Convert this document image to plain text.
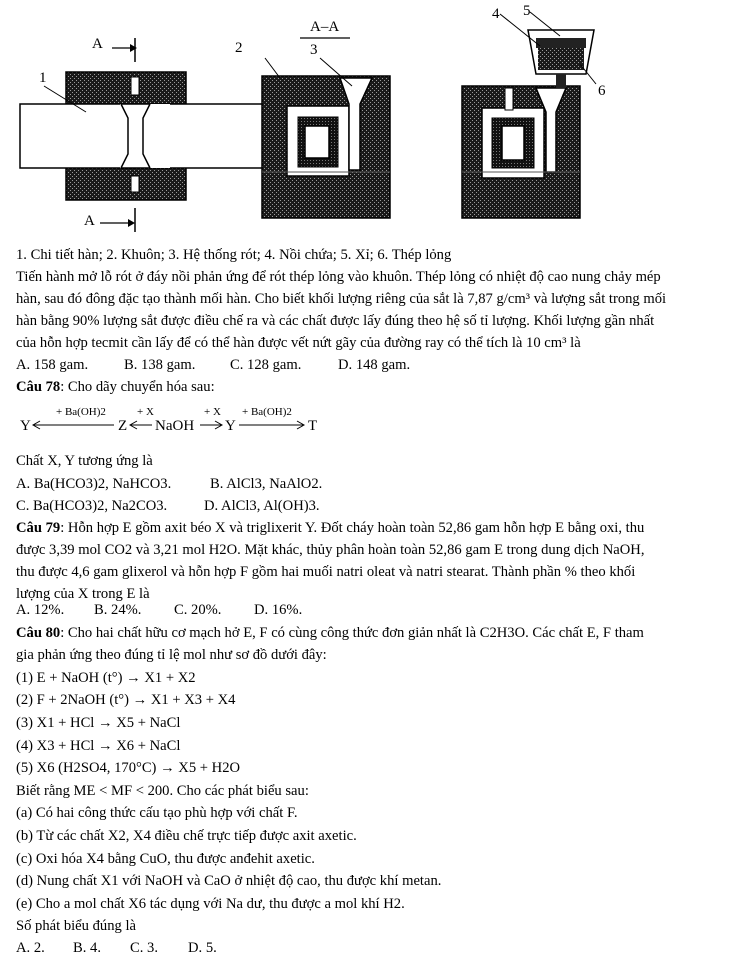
A
A
1
2	3
A–A
4 5
6
1. Chi tiết hàn; 2. Khuôn; 3. Hệ thống rót; 4. Nồi chứa; 5. Xỉ; 6. Thép lỏng
Tiến hành mở lỗ rót ở đáy nồi phản ứng để rót thép lỏng vào khuôn. Thép lỏng có nhiệt độ cao nung chảy mép
hàn, sau đó đông đặc tạo thành mối hàn. Cho biết khối lượng riêng của sắt là 7,87 g/cm³ và lượng sắt trong mối
hàn bằng 90% lượng sắt được điều chế ra và các chất được lấy đúng theo hệ số tỉ lượng. Khối lượng gần nhất
của hỗn hợp tecmit cần lấy để có thể hàn được vết nứt gãy của đường ray có thể tích là 10 cm³ là
A. 158 gam. B. 138 gam. C. 128 gam.	D. 148 gam.
Câu 78: Cho dãy chuyển hóa sau:
Y
+ Ba(OH)2
Z
+ X
NaOH
+ X
Y
+ Ba(OH)2
T
Chất X, Y tương ứng là
A. Ba(HCO3)2, NaHCO3.	B. AlCl3, NaAlO2.
C. Ba(HCO3)2, Na2CO3.	D. AlCl3, Al(OH)3.
Câu 79: Hỗn hợp E gồm axit béo X và triglixerit Y. Đốt cháy hoàn toàn 52,86 gam hỗn hợp E bằng oxi, thu
được 3,39 mol CO2 và 3,21 mol H2O. Mặt khác, thủy phân hoàn toàn 52,86 gam E trong dung dịch NaOH,
thu được 4,6 gam glixerol và hỗn hợp F gồm hai muối natri oleat và natri stearat. Thành phần % theo khối
lượng của X trong E là
A. 12%. B. 24%. C. 20%. D. 16%.
Câu 80: Cho hai chất hữu cơ mạch hở E, F có cùng công thức đơn giản nhất là C2H3O. Các chất E, F tham
gia phản ứng theo đúng tỉ lệ mol như sơ đồ dưới đây:
(1) E + NaOH (t°) → X1 + X2
(2) F + 2NaOH (t°) → X1 + X3 + X4
(3) X1 + HCl → X5 + NaCl
(4) X3 + HCl → X6 + NaCl
(5) X6 (H2SO4, 170°C) → X5 + H2O
Biết rằng ME < MF < 200. Cho các phát biểu sau:
(a) Có hai công thức cấu tạo phù hợp với chất F.
(b) Từ các chất X2, X4 điều chế trực tiếp được axit axetic.
(c) Oxi hóa X4 bằng CuO, thu được anđehit axetic.
(d) Nung chất X1 với NaOH và CaO ở nhiệt độ cao, thu được khí metan.
(e) Cho a mol chất X6 tác dụng với Na dư, thu được a mol khí H2.
Số phát biểu đúng là
A. 2. B. 4. C. 3. D. 5.
